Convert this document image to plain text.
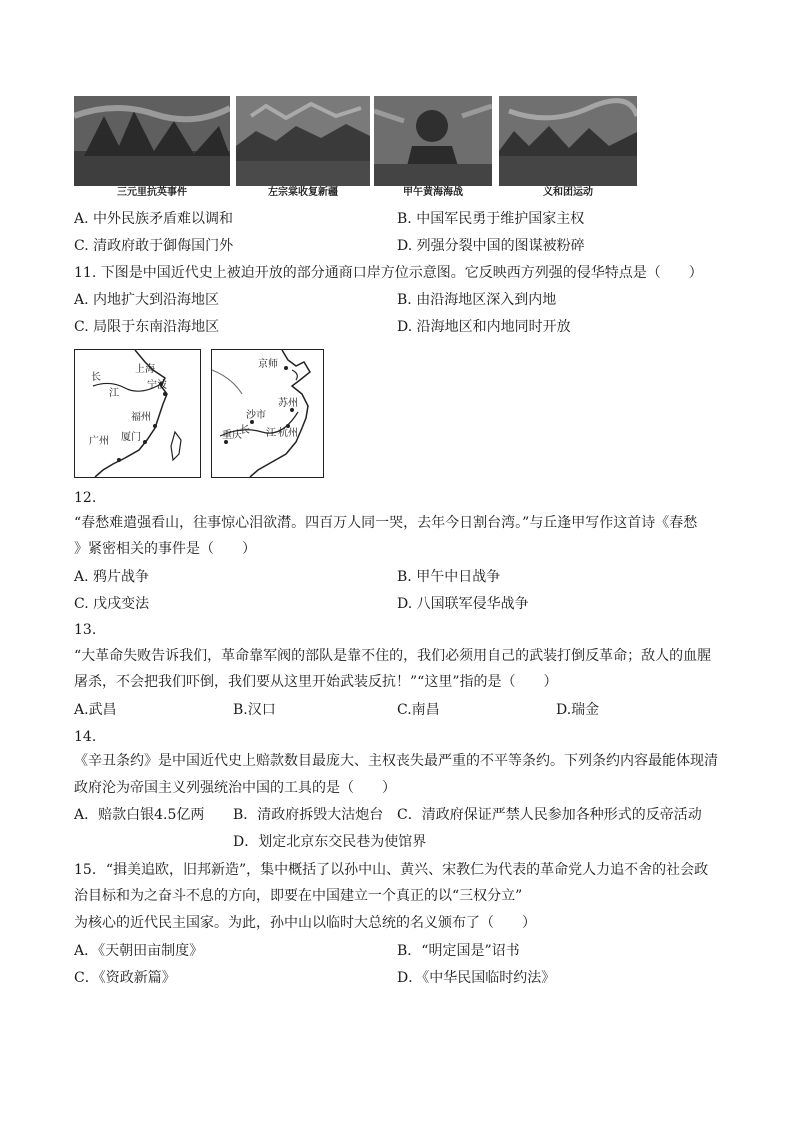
三元里抗英事件	左宗棠收复新疆	甲午黄海海战	义和团运动
A. 中外民族矛盾难以调和	B. 中国军民勇于维护国家主权
C. 清政府敢于御侮国门外	D. 列强分裂中国的图谋被粉碎
11. 下图是中国近代史上被迫开放的部分通商口岸方位示意图。它反映西方列强的侵华特点是（　　）
A. 内地扩大到沿海地区	B. 由沿海地区深入到内地
C. 局限于东南沿海地区	D. 沿海地区和内地同时开放
长
江
上海
宁波
福州
厦门
广州
京师
苏州
沙市
长 江 杭州
重庆
12.
“春愁难遣强看山，往事惊心泪欲潸。四百万人同一哭，去年今日割台湾。”与丘逢甲写作这首诗《春愁
》紧密相关的事件是（　　）
A. 鸦片战争	B. 甲午中日战争
C. 戊戌变法	D. 八国联军侵华战争
13.
“大革命失败告诉我们，革命靠军阀的部队是靠不住的，我们必须用自己的武装打倒反革命；敌人的血腥
屠杀，不会把我们吓倒，我们要从这里开始武装反抗！”“这里”指的是（　　）
A.武昌	B.汉口	C.南昌	D.瑞金
14.
《辛丑条约》是中国近代史上赔款数目最庞大、主权丧失最严重的不平等条约。下列条约内容最能体现清
政府沦为帝国主义列强统治中国的工具的是（　　）
A．赔款白银4.5亿两 B．清政府拆毁大沽炮台 C．清政府保证严禁人民参加各种形式的反帝活动
D．划定北京东交民巷为使馆界
15．“揖美追欧，旧邦新造”，集中概括了以孙中山、黄兴、宋教仁为代表的革命党人力追不舍的社会政
治目标和为之奋斗不息的方向，即要在中国建立一个真正的以“三权分立”
为核心的近代民主国家。为此，孙中山以临时大总统的名义颁布了（　　）
A．《天朝田亩制度》	B．“明定国是”诏书
C．《资政新篇》	D．《中华民国临时约法》
